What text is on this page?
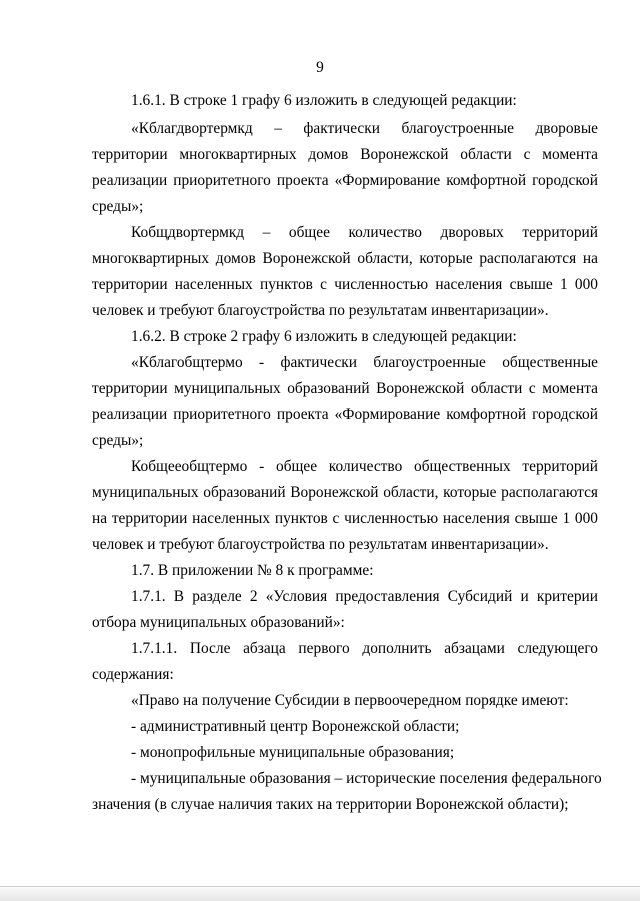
9
1.6.1. В строке 1 графу 6 изложить в следующей редакции:
«Кблагдвортермкд – фактически благоустроенные дворовые
территории многоквартирных домов Воронежской области с момента
реализации приоритетного проекта «Формирование комфортной городской
среды»;
Кобщдвортермкд – общее количество дворовых территорий
многоквартирных домов Воронежской области, которые располагаются на
территории населенных пунктов с численностью населения свыше 1 000
человек и требуют благоустройства по результатам инвентаризации».
1.6.2. В строке 2 графу 6 изложить в следующей редакции:
«Кблагобщтермо - фактически благоустроенные общественные
территории муниципальных образований Воронежской области с момента
реализации приоритетного проекта «Формирование комфортной городской
среды»;
Кобщееобщтермо - общее количество общественных территорий
муниципальных образований Воронежской области, которые располагаются
на территории населенных пунктов с численностью населения свыше 1 000
человек и требуют благоустройства по результатам инвентаризации».
1.7. В приложении № 8 к программе:
1.7.1. В разделе 2 «Условия предоставления Субсидий и критерии
отбора муниципальных образований»:
1.7.1.1. После абзаца первого дополнить абзацами следующего
содержания:
«Право на получение Субсидии в первоочередном порядке имеют:
- административный центр Воронежской области;
- монопрофильные муниципальные образования;
- муниципальные образования – исторические поселения федерального
значения (в случае наличия таких на территории Воронежской области);
